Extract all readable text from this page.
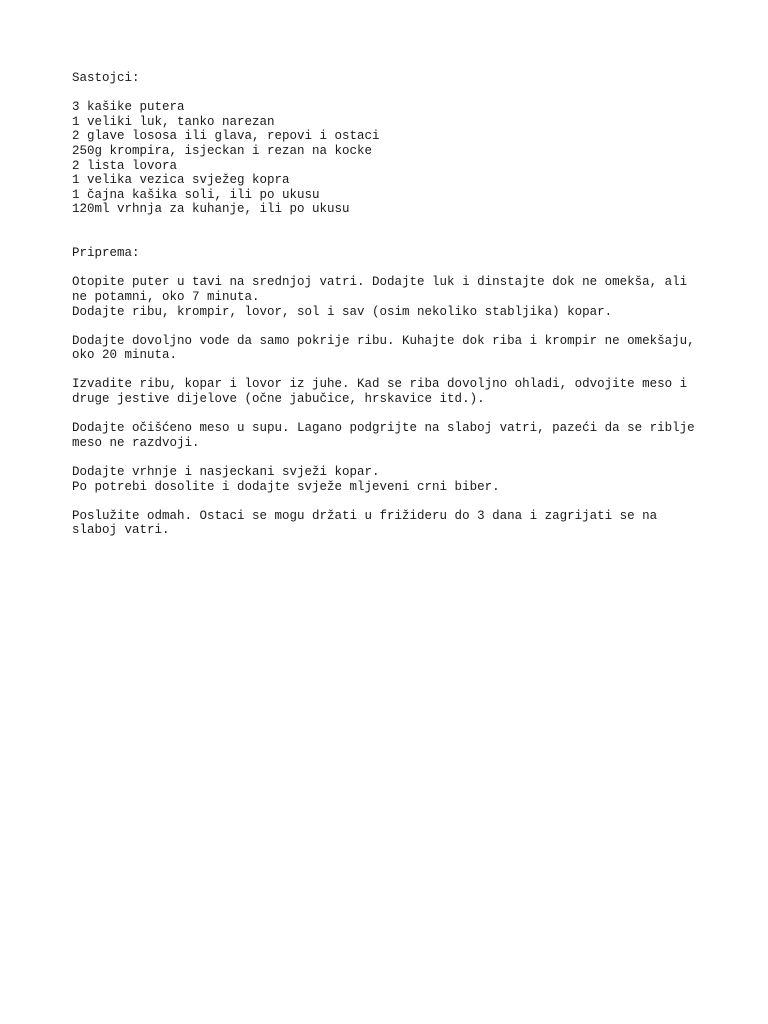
Sastojci:
3 kašike putera
1 veliki luk, tanko narezan
2 glave lososa ili glava, repovi i ostaci
250g krompira, isjeckan i rezan na kocke
2 lista lovora
1 velika vezica svježeg kopra
1 čajna kašika soli, ili po ukusu
120ml vrhnja za kuhanje, ili po ukusu
Priprema:
Otopite puter u tavi na srednjoj vatri. Dodajte luk i dinstajte dok ne omekša, ali
ne potamni, oko 7 minuta.
Dodajte ribu, krompir, lovor, sol i sav (osim nekoliko stabljika) kopar.
Dodajte dovoljno vode da samo pokrije ribu. Kuhajte dok riba i krompir ne omekšaju,
oko 20 minuta.
Izvadite ribu, kopar i lovor iz juhe. Kad se riba dovoljno ohladi, odvojite meso i
druge jestive dijelove (očne jabučice, hrskavice itd.).
Dodajte očišćeno meso u supu. Lagano podgrijte na slaboj vatri, pazeći da se riblje
meso ne razdvoji.
Dodajte vrhnje i nasjeckani svježi kopar.
Po potrebi dosolite i dodajte svježe mljeveni crni biber.
Poslužite odmah. Ostaci se mogu držati u frižideru do 3 dana i zagrijati se na
slaboj vatri.
